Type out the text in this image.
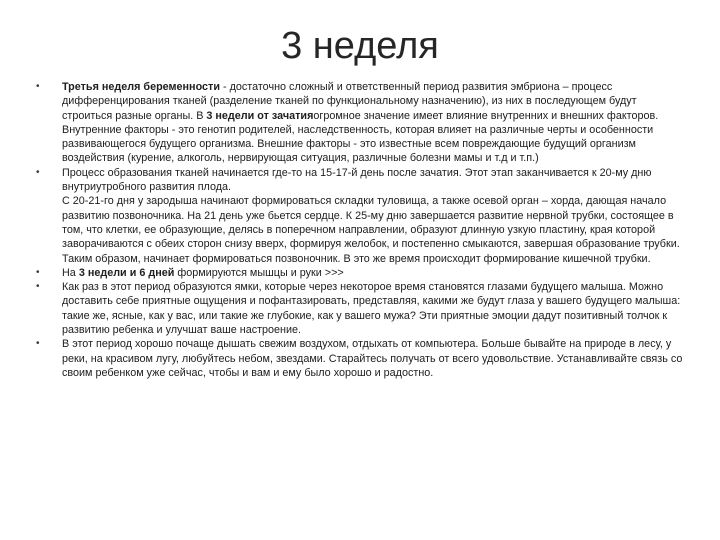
3 неделя
• Третья неделя беременности - достаточно сложный и ответственный период развития эмбриона – процесс дифференцирования тканей (разделение тканей по функциональному назначению), из них в последующем будут строиться разные органы. В 3 недели от зачатияогромное значение имеет влияние внутренних и внешних факторов. Внутренние факторы - это генотип родителей, наследственность, которая влияет на различные черты и особенности развивающегося будущего организма. Внешние факторы - это известные всем повреждающие будущий организм воздействия (курение, алкоголь, нервирующая ситуация, различные болезни мамы и т.д и т.п.)
• Процесс образования тканей начинается где-то на 15-17-й день после зачатия. Этот этап заканчивается к 20-му дню внутриутробного развития плода.
С 20-21-го дня у зародыша начинают формироваться складки туловища, а также осевой орган – хорда, дающая начало развитию позвоночника. На 21 день уже бьется сердце. К 25-му дню завершается развитие нервной трубки, состоящее в том, что клетки, ее образующие, делясь в поперечном направлении, образуют длинную узкую пластину, края которой заворачиваются с обеих сторон снизу вверх, формируя желобок, и постепенно смыкаются, завершая образование трубки. Таким образом, начинает формироваться позвоночник. В это же время происходит формирование кишечной трубки.
• На 3 недели и 6 дней формируются мышцы и руки >>>
• Как раз в этот период образуются ямки, которые через некоторое время становятся глазами будущего малыша. Можно доставить себе приятные ощущения и пофантазировать, представляя, какими же будут глаза у вашего будущего малыша: такие же, ясные, как у вас, или такие же глубокие, как у вашего мужа? Эти приятные эмоции дадут позитивный толчок к развитию ребенка и улучшат ваше настроение.
• В этот период хорошо почаще дышать свежим воздухом, отдыхать от компьютера. Больше бывайте на природе в лесу, у реки, на красивом лугу, любуйтесь небом, звездами. Старайтесь получать от всего удовольствие. Устанавливайте связь со своим ребенком уже сейчас, чтобы и вам и ему было хорошо и радостно.
